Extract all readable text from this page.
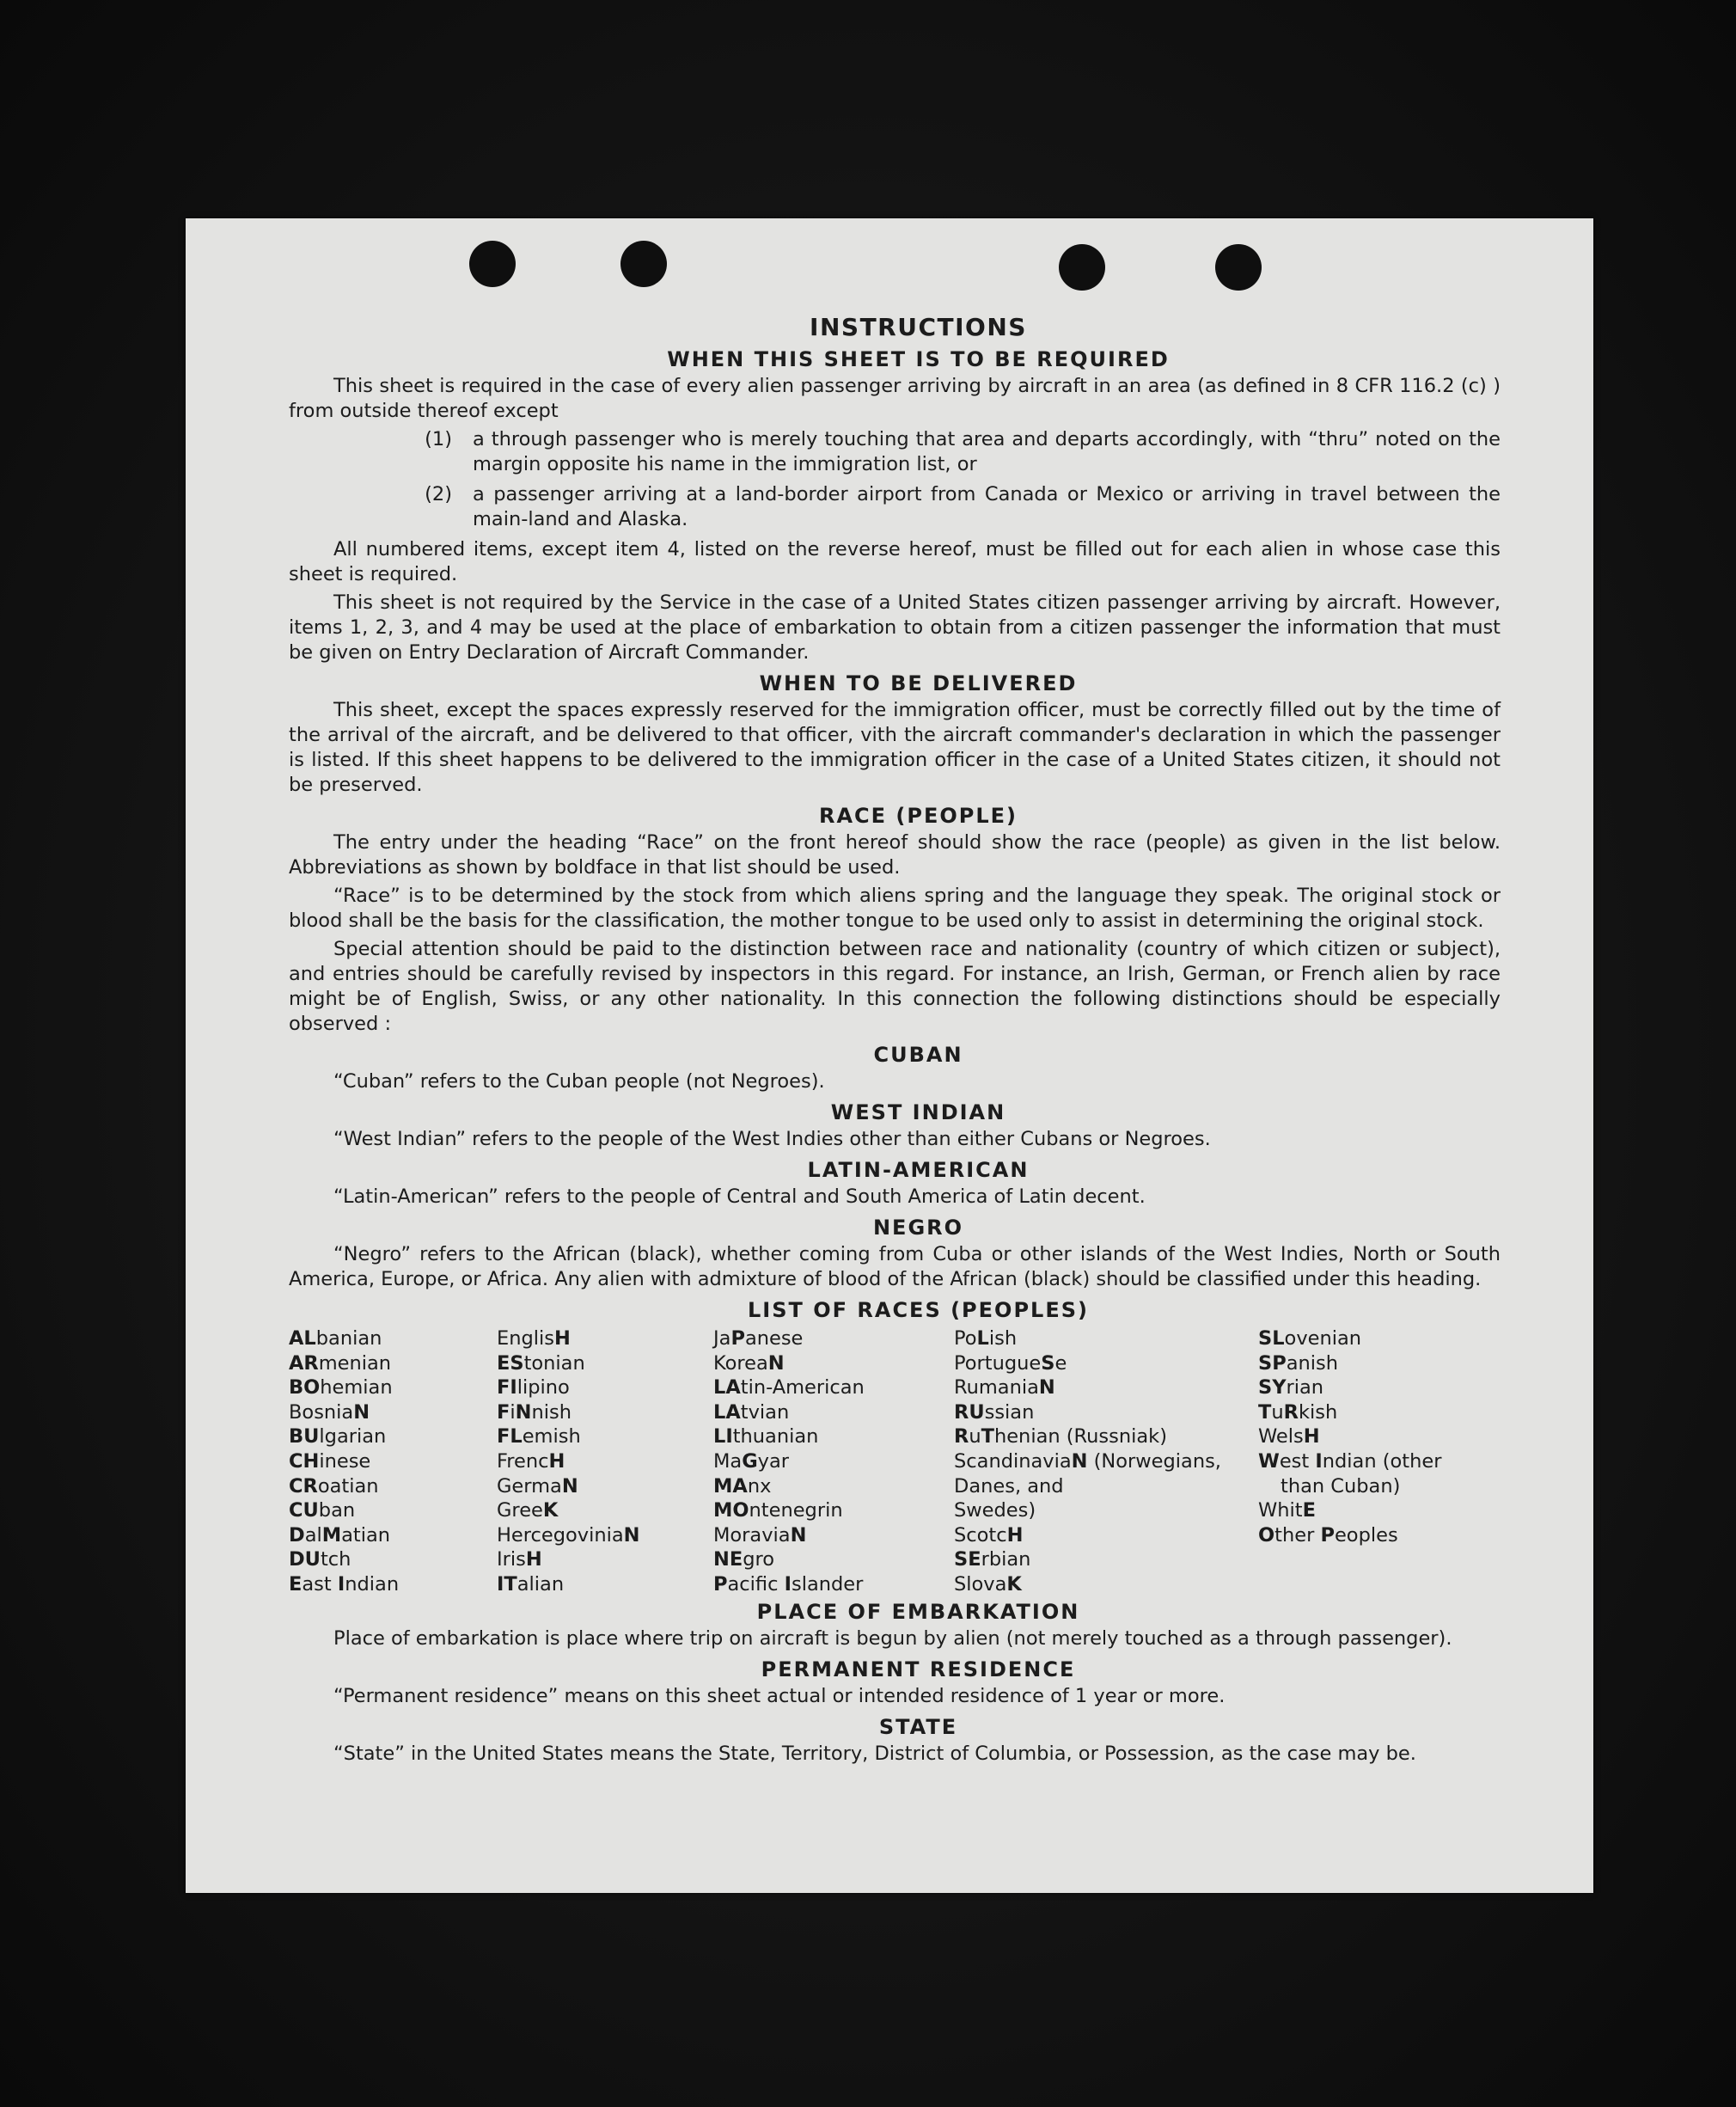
INSTRUCTIONS
WHEN THIS SHEET IS TO BE REQUIRED

This sheet is required in the case of every alien passenger arriving by aircraft in an area (as defined in 8 CFR 116.2 (c) ) from outside thereof except

(1)	a through passenger who is merely touching that area and departs accordingly, with “thru” noted on the margin opposite his name in the immigration list, or
(2)	a passenger arriving at a land-border airport from Canada or Mexico or arriving in travel between the main-land and Alaska.

All numbered items, except item 4, listed on the reverse hereof, must be filled out for each alien in whose case this sheet is required.

This sheet is not required by the Service in the case of a United States citizen passenger arriving by aircraft. However, items 1, 2, 3, and 4 may be used at the place of embarkation to obtain from a citizen passenger the information that must be given on Entry Declaration of Aircraft Commander.

WHEN TO BE DELIVERED

This sheet, except the spaces expressly reserved for the immigration officer, must be correctly filled out by the time of the arrival of the aircraft, and be delivered to that officer, vith the aircraft commander's declaration in which the passenger is listed. If this sheet happens to be delivered to the immigration officer in the case of a United States citizen, it should not be preserved.

RACE (PEOPLE)

The entry under the heading “Race” on the front hereof should show the race (people) as given in the list below. Abbreviations as shown by boldface in that list should be used.

“Race” is to be determined by the stock from which aliens spring and the language they speak. The original stock or blood shall be the basis for the classification, the mother tongue to be used only to assist in determining the original stock.

Special attention should be paid to the distinction between race and nationality (country of which citizen or subject), and entries should be carefully revised by inspectors in this regard. For instance, an Irish, German, or French alien by race might be of English, Swiss, or any other nationality. In this connection the following distinctions should be especially observed :

CUBAN

“Cuban” refers to the Cuban people (not Negroes).

WEST INDIAN

“West Indian” refers to the people of the West Indies other than either Cubans or Negroes.

LATIN-AMERICAN

“Latin-American” refers to the people of Central and South America of Latin decent.

NEGRO

“Negro” refers to the African (black), whether coming from Cuba or other islands of the West Indies, North or South America, Europe, or Africa. Any alien with admixture of blood of the African (black) should be classified under this heading.

LIST OF RACES (PEOPLES)
ALbanian
ARmenian
BOhemian
BosniaN
BUlgarian
CHinese
CRoatian
CUban
DalMatian
DUtch
East Indian
EnglisH
EStonian
FIlipino
FiNnish
FLemish
FrencH
GermaN
GreeK
HercegoviniaN
IrisH
ITalian
JaPanese
KoreaN
LAtin-American
LAtvian
LIthuanian
MaGyar
MAnx
MOntenegrin
MoraviaN
NEgro
Pacific Islander
PoLish
PortugueSe
RumaniaN
RUssian
RuThenian (Russniak)
ScandinaviaN (Norwegians,
Danes, and
Swedes)
ScotcH
SErbian
SlovaK
SLovenian
SPanish
SYrian
TuRkish
WelsH
West Indian (other
than Cuban)
WhitE
Other Peoples
PLACE OF EMBARKATION

Place of embarkation is place where trip on aircraft is begun by alien (not merely touched as a through passenger).

PERMANENT RESIDENCE

“Permanent residence” means on this sheet actual or intended residence of 1 year or more.

STATE

“State” in the United States means the State, Territory, District of Columbia, or Possession, as the case may be.
